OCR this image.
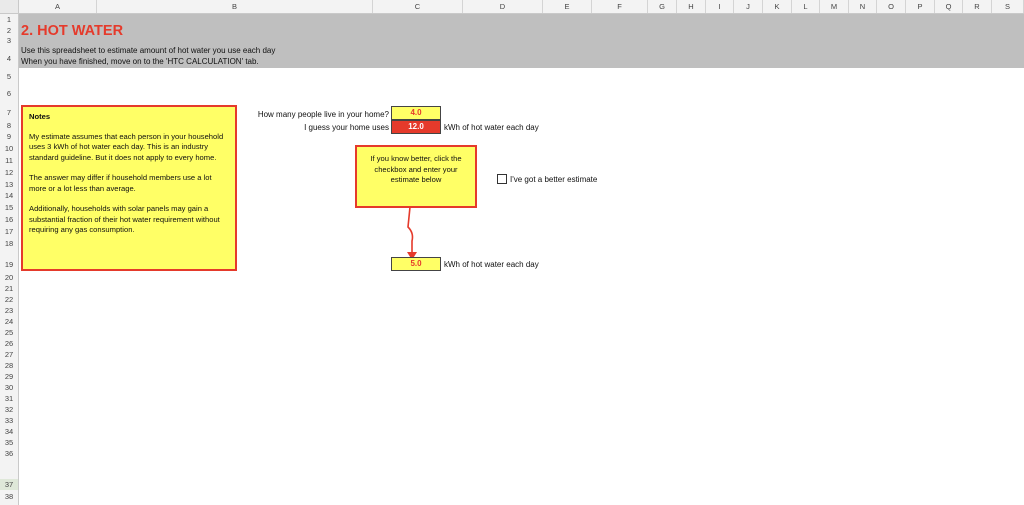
A	B	C	D	E	F	G	H	I	J	K	L	M	N	O	P	Q	R	S
1
2
3
4
5
6
7
8
9
10
11
12
13
14
15
16
17
18
19
20
21
22
23
24
25
26
27
28
29
30
31
32
33
34
35
36
37
38
2. HOT WATER
Use this spreadsheet to estimate amount of hot water you use each day
When you have finished, move on to the 'HTC CALCULATION' tab.
Notes

My estimate assumes that each person in your household uses 3 kWh of hot water each day. This is an industry standard guideline. But it does not apply to every home.

The answer may differ if household members use a lot more or a lot less than average.

Additionally, households with solar panels may gain a substantial fraction of their hot water requirement without requiring any gas consumption.

How many people live in your home?	4.0
I guess your home uses	12.0	kWh of hot water each day
If you know better, click the checkbox and enter your estimate below	I've got a better estimate
5.0	kWh of hot water each day
